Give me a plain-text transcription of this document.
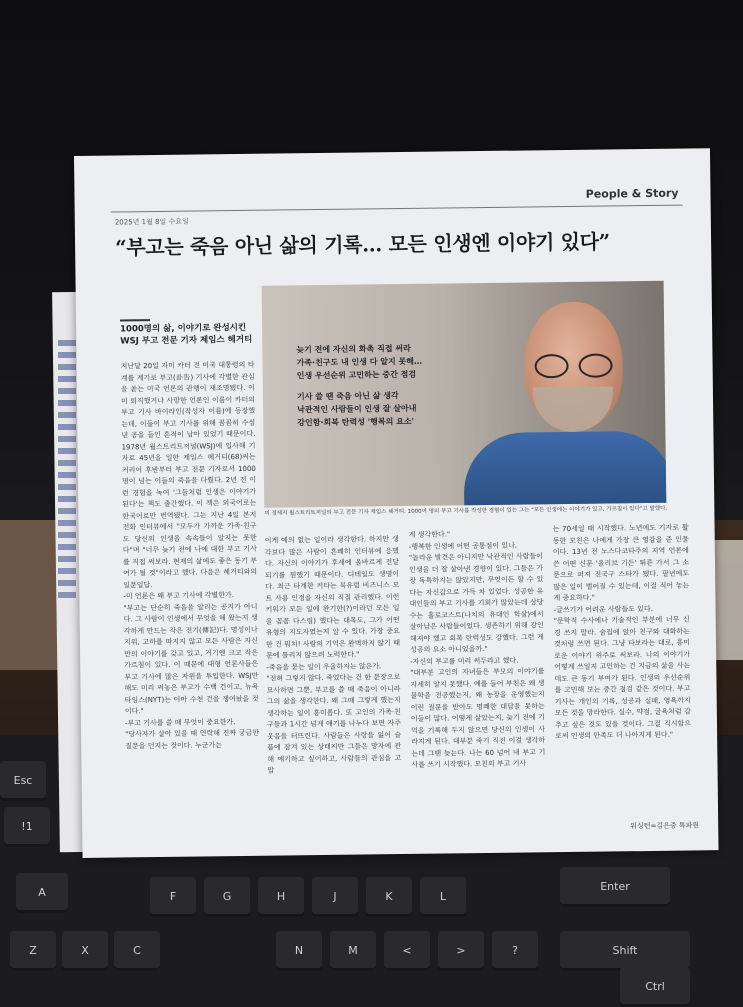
Esc
!1
A
Z	X	C
F	G	H	J	K	L
N	M	<	>	?
Enter
Shift
Ctrl
People & Story
2025년 1월 8일 수요일
“부고는 죽음 아닌 삶의 기록… 모든 인생엔 이야기 있다”
1000명의 삶, 이야기로 완성시킨
WSJ 부고 전문 기자 제임스 헤거티
늦기 전에 자신의 화촉 직접 써라
가족·친구도 내 인생 다 알지 못해…
인생 우선순위 고민하는 중간 점검
기사 쓸 땐 죽음 아닌 삶 생각
낙관적인 사람들이 인생 잘 살아내
강인함·회복 탄력성 '행복의 요소'
미 경제지 월스트리트저널의 부고 전문 기자 제임스 헤거티. 1000여 명의 부고 기사를 작성한 경험이 있는 그는 "모든 인생에는 이야기가 있고, 가르침이 있다"고 말했다.
지난달 20일 자미 카터 전 미국 대통령의 타계를 계기로 부고(訃告) 기사에 각별한 관심을 쏟는 미국 언론의 관행이 재조명됐다. 이미 퇴직했거나 사망한 언론인 이름이 카터의 부고 기사 바이라인(작성자 이름)에 등장했는데, 이들이 부고 기사를 위해 꼼꼼히 수십 년 공을 들인 흔적이 남아 있었기 때문이다. 1978년 월스트리트저널(WSJ)에 입사해 기자로 45년을 일한 제임스 헤거티(68)씨는 커리어 후반부터 부고 전문 기자로서 1000명이 넘는 이들의 죽음을 다뤘다. 2년 전 이런 경험을 녹여 '그들처럼 인생은 이야기가 된다'는 책도 출간했다. 이 책은 외국어로는 한국어로만 번역됐다. 그는 지난 4일 본지 전화 인터뷰에서 "모두가 가까운 가족·친구도 당신의 인생을 속속들이 알지는 못한다"며 "너무 늦기 전에 나에 대한 부고 기사를 직접 써보라. 현재의 삶에도 좋은 동기 부여가 될 것"이라고 했다. 다음은 헤거티와의 일문일답.
-미 언론은 왜 부고 기사에 각별한가.
"부고는 단순히 죽음을 알리는 공지가 아니다. 그 사람이 인생에서 무엇을 해 왔는지 생각하게 만드는 작은 전기(傳記)다. 명성이나 지위, 고하를 따지지 않고 모든 사람은 자신만의 이야기를 갖고 있고, 거기엔 크고 작은 가르침이 있다. 이 때문에 대형 언론사들은 부고 기사에 많은 자원을 투입한다. WSJ만 해도 미리 써놓은 부고가 수백 건이고, 뉴욕타임스(NYT)는 이마 수천 건을 쟁여놨을 것이다."
-부고 기사를 쓸 때 무엇이 중요한가.
"당사자가 살아 있을 때 연락해 진짜 궁금한 질문을 던지는 것이다. 누군가는
이게 예의 없는 일이라 생각한다. 하지만 생각보다 많은 사람이 흔쾌히 인터뷰에 응했다. 자신의 이야기가 후세에 올바르게 전달되기를 원했기 때문이다. 디테일도 생명이다. 최근 타계한 커타는 북유럽 비즈니스 모트 사용 인정을 자신의 직접 관리했다. 이런 키워가 모든 일에 완기한(?)이라던 모든 일을 꼼꼼 다스림) 했다는 대목도, 그가 어떤 유형의 지도자였는지 알 수 있다. 가장 중요한 건 뭐치! 사람의 기억은 완벽하지 않기 때문에 틀리지 않으려 노력한다."
-죽음을 묻는 일이 우울하지는 않은가.
"전혀 그렇지 않다. 죽었다는 건 한 문장으로 묘사하면 그뿐, 부고를 쓸 때 죽음이 아니라 그의 삶을 생각한다. 왜 그때 그렇게 했는지 생각하는 일이 흥미롭다. 또 고인의 가족·친구들과 1시간 넘게 얘기를 나누다 보면 자주 웃음을 터뜨린다. 사람들은 사랑을 잃어 슬픔에 잠겨 있는 상태지만 그들은 망자에 관해 얘기하고 싶어하고, 사람들의 관심을 고맙
게 생각한다."
-행복한 인생에 어떤 공통점이 있나.
"놀라운 발견은 아니지만 낙관적인 사람들이 인생을 더 잘 살아낸 경향이 있다. 그들은 가장 독특하지는 않았지만, 무엇이든 할 수 있다는 자신감으로 가득 차 있었다. 성공한 유대인들의 부고 기사를 기회가 많았는데 상당수는 홀로코스트(나치의 유대인 학살)에서 살아남은 사람들이었다. 생존하기 위해 강인해져야 했고 회복 탄력성도 강했다. 그런 게 성공의 요소 아니었을까."
-자신의 부고를 미리 써두라고 했다.
"대부분 고인의 자녀들은 부모의 이야기를 자세히 알지 못했다. 예를 들어 부친은 왜 생물학을 전공했는지, 왜 농장을 운영했는지 이런 질문을 받아도 명쾌한 대답을 못하는 이들이 많다. 어떻게 살았는지, 늦기 전에 기억을 기록해 두지 않으면 당신의 인생이 사라지게 된다. 대부분 죽기 직전 이걸 생각하는데 그땐 늦는다. 나는 60 넘어 내 부고 기사를 쓰기 시작했다. 모친의 부고 기사
는 70세일 때 시작했다. 노년에도 기자로 활동한 모친은 나에게 가장 큰 영감을 준 인물이다. 13년 전 노스다코타주의 지역 언론에 쓴 어떤 신문 '올리브 기든' 튀른 가서 그 소문으로 퍼져 전국구 스타가 됐다. 팔년에도 많은 일이 벌어질 수 있는데, 이걸 적어 놓는 게 중요하다."
-글쓰기가 어려운 사람들도 있다.
"문학적 수사에나 기술적인 부분에 너무 신경 쓰지 말라. 술집에 앉아 친구와 대화하는 것처럼 쓰면 된다. 그냥 타보라는 대로, 흥미로운 이야기 위주로 써보라. 나의 이야기가 어떻게 쓰일지 고민하는 건 지금의 삶을 사는 데도 큰 동기 부여가 된다. 인생의 우선순위를 고민해 보는 중간 점검 같은 것이다. 부고 기사는 개인의 기록, 성공과 실패, 영욕까지 모든 것을 망라한다. 실수, 약점, 굴욕처럼 감추고 싶은 것도 있을 것이다. 그걸 직시함으로써 인생의 만족도 더 나아지게 된다."
워싱턴=김은중 특파원
